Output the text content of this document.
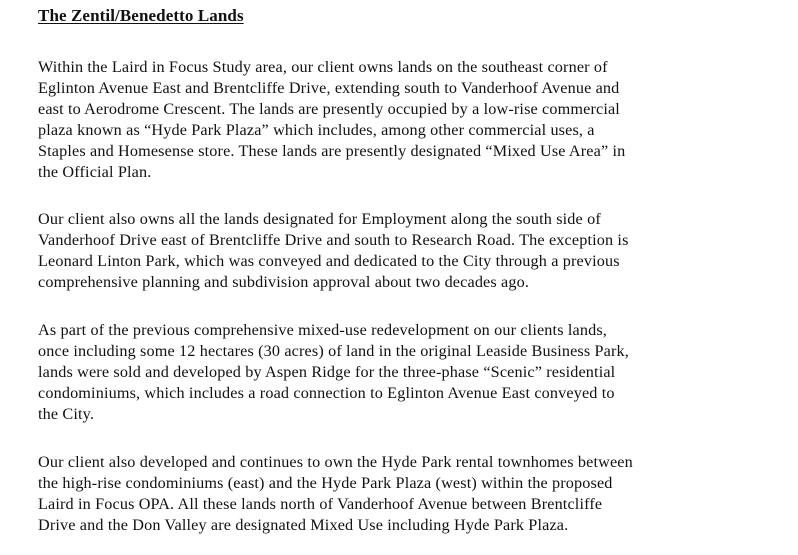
The Zentil/Benedetto Lands
Within the Laird in Focus Study area, our client owns lands on the southeast corner of
Eglinton Avenue East and Brentcliffe Drive, extending south to Vanderhoof Avenue and
east to Aerodrome Crescent. The lands are presently occupied by a low-rise commercial
plaza known as “Hyde Park Plaza” which includes, among other commercial uses, a
Staples and Homesense store. These lands are presently designated “Mixed Use Area” in
the Official Plan.
Our client also owns all the lands designated for Employment along the south side of
Vanderhoof Drive east of Brentcliffe Drive and south to Research Road. The exception is
Leonard Linton Park, which was conveyed and dedicated to the City through a previous
comprehensive planning and subdivision approval about two decades ago.
As part of the previous comprehensive mixed-use redevelopment on our clients lands,
once including some 12 hectares (30 acres) of land in the original Leaside Business Park,
lands were sold and developed by Aspen Ridge for the three-phase “Scenic” residential
condominiums, which includes a road connection to Eglinton Avenue East conveyed to
the City.
Our client also developed and continues to own the Hyde Park rental townhomes between
the high-rise condominiums (east) and the Hyde Park Plaza (west) within the proposed
Laird in Focus OPA. All these lands north of Vanderhoof Avenue between Brentcliffe
Drive and the Don Valley are designated Mixed Use including Hyde Park Plaza.
